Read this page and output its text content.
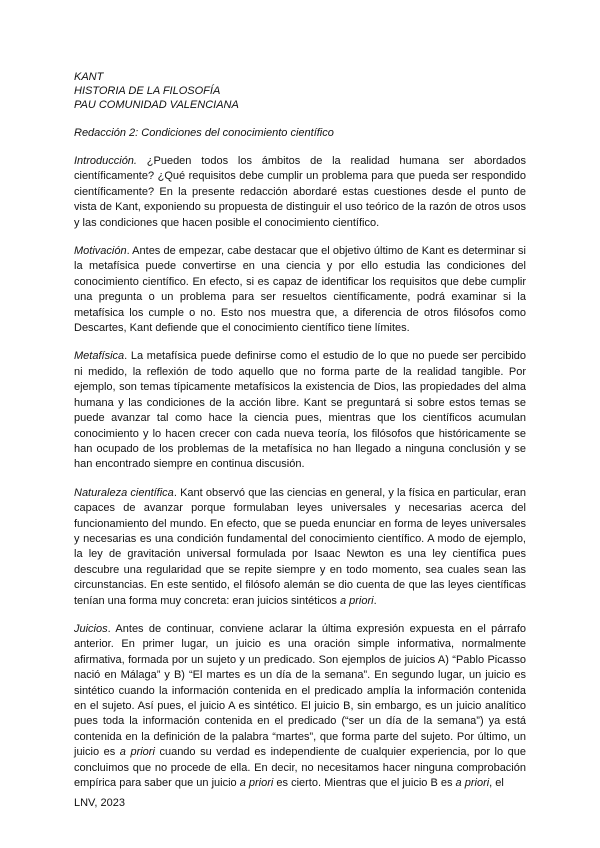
KANT
HISTORIA DE LA FILOSOFÍA
PAU COMUNIDAD VALENCIANA
Redacción 2: Condiciones del conocimiento científico

Introducción. ¿Pueden todos los ámbitos de la realidad humana ser abordados científicamente? ¿Qué requisitos debe cumplir un problema para que pueda ser respondido científicamente? En la presente redacción abordaré estas cuestiones desde el punto de vista de Kant, exponiendo su propuesta de distinguir el uso teórico de la razón de otros usos y las condiciones que hacen posible el conocimiento científico.

Motivación. Antes de empezar, cabe destacar que el objetivo último de Kant es determinar si la metafísica puede convertirse en una ciencia y por ello estudia las condiciones del conocimiento científico. En efecto, si es capaz de identificar los requisitos que debe cumplir una pregunta o un problema para ser resueltos científicamente, podrá examinar si la metafísica los cumple o no. Esto nos muestra que, a diferencia de otros filósofos como Descartes, Kant defiende que el conocimiento científico tiene límites.

Metafísica. La metafísica puede definirse como el estudio de lo que no puede ser percibido ni medido, la reflexión de todo aquello que no forma parte de la realidad tangible. Por ejemplo, son temas típicamente metafísicos la existencia de Dios, las propiedades del alma humana y las condiciones de la acción libre. Kant se preguntará si sobre estos temas se puede avanzar tal como hace la ciencia pues, mientras que los científicos acumulan conocimiento y lo hacen crecer con cada nueva teoría, los filósofos que históricamente se han ocupado de los problemas de la metafísica no han llegado a ninguna conclusión y se han encontrado siempre en continua discusión.

Naturaleza científica. Kant observó que las ciencias en general, y la física en particular, eran capaces de avanzar porque formulaban leyes universales y necesarias acerca del funcionamiento del mundo. En efecto, que se pueda enunciar en forma de leyes universales y necesarias es una condición fundamental del conocimiento científico. A modo de ejemplo, la ley de gravitación universal formulada por Isaac Newton es una ley científica pues descubre una regularidad que se repite siempre y en todo momento, sea cuales sean las circunstancias. En este sentido, el filósofo alemán se dio cuenta de que las leyes científicas tenían una forma muy concreta: eran juicios sintéticos a priori.

Juicios. Antes de continuar, conviene aclarar la última expresión expuesta en el párrafo anterior. En primer lugar, un juicio es una oración simple informativa, normalmente afirmativa, formada por un sujeto y un predicado. Son ejemplos de juicios A) “Pablo Picasso nació en Málaga” y B) “El martes es un día de la semana”. En segundo lugar, un juicio es sintético cuando la información contenida en el predicado amplía la información contenida en el sujeto. Así pues, el juicio A es sintético. El juicio B, sin embargo, es un juicio analítico pues toda la información contenida en el predicado (“ser un día de la semana”) ya está contenida en la definición de la palabra “martes”, que forma parte del sujeto. Por último, un juicio es a priori cuando su verdad es independiente de cualquier experiencia, por lo que concluimos que no procede de ella. En decir, no necesitamos hacer ninguna comprobación empírica para saber que un juicio a priori es cierto. Mientras que el juicio B es a priori, el

LNV, 2023
